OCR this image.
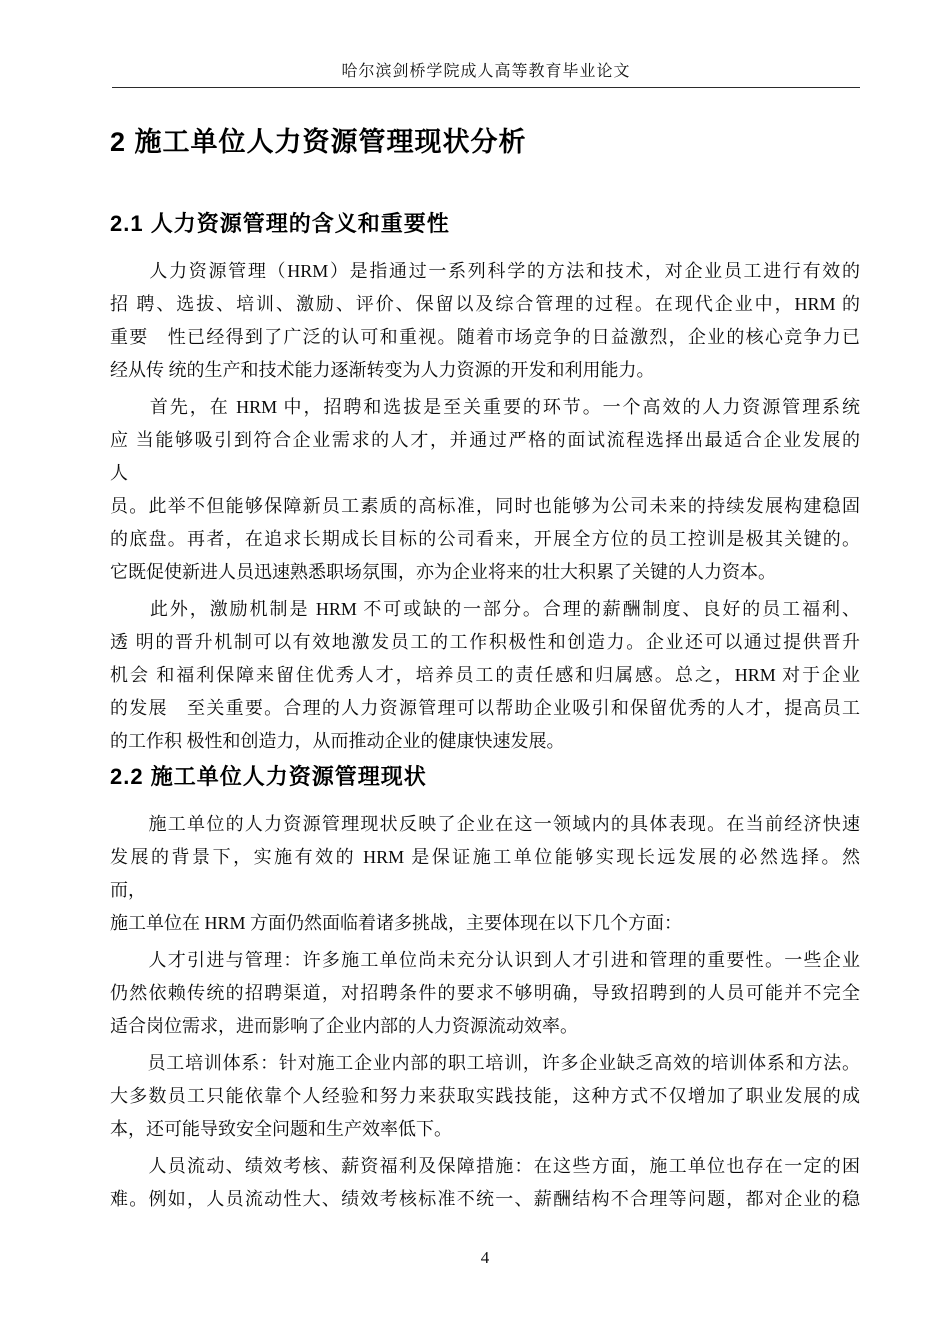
哈尔滨剑桥学院成人高等教育毕业论文
2 施工单位人力资源管理现状分析
2.1 人力资源管理的含义和重要性
　　人力资源管理（HRM）是指通过一系列科学的方法和技术，对企业员工进行有效的
招 聘、选拔、培训、激励、评价、保留以及综合管理的过程。在现代企业中，HRM 的
重要　性已经得到了广泛的认可和重视。随着市场竞争的日益激烈，企业的核心竞争力已
经从传 统的生产和技术能力逐渐转变为人力资源的开发和利用能力。
　　首先，在 HRM 中，招聘和选拔是至关重要的环节。一个高效的人力资源管理系统
应 当能够吸引到符合企业需求的人才，并通过严格的面试流程选择出最适合企业发展的
人
员。此举不但能够保障新员工素质的高标准，同时也能够为公司未来的持续发展构建稳固
的底盘。再者，在追求长期成长目标的公司看来，开展全方位的员工控训是极其关键的。
它既促使新进人员迅速熟悉职场氛围，亦为企业将来的壮大积累了关键的人力资本。
　　此外，激励机制是 HRM 不可或缺的一部分。合理的薪酬制度、良好的员工福利、
透 明的晋升机制可以有效地激发员工的工作积极性和创造力。企业还可以通过提供晋升
机会 和福利保障来留住优秀人才，培养员工的责任感和归属感。总之，HRM 对于企业
的发展　至关重要。合理的人力资源管理可以帮助企业吸引和保留优秀的人才，提高员工
的工作积 极性和创造力，从而推动企业的健康快速发展。
2.2 施工单位人力资源管理现状
　　施工单位的人力资源管理现状反映了企业在这一领域内的具体表现。在当前经济快速
发展的背景下，实施有效的 HRM 是保证施工单位能够实现长远发展的必然选择。然
而，
施工单位在 HRM 方面仍然面临着诸多挑战，主要体现在以下几个方面：
　　人才引进与管理：许多施工单位尚未充分认识到人才引进和管理的重要性。一些企业
仍然依赖传统的招聘渠道，对招聘条件的要求不够明确，导致招聘到的人员可能并不完全
适合岗位需求，进而影响了企业内部的人力资源流动效率。
　　员工培训体系：针对施工企业内部的职工培训，许多企业缺乏高效的培训体系和方法。
大多数员工只能依靠个人经验和努力来获取实践技能，这种方式不仅增加了职业发展的成
本，还可能导致安全问题和生产效率低下。
　　人员流动、绩效考核、薪资福利及保障措施：在这些方面，施工单位也存在一定的困
难。例如，人员流动性大、绩效考核标准不统一、薪酬结构不合理等问题，都对企业的稳
4
